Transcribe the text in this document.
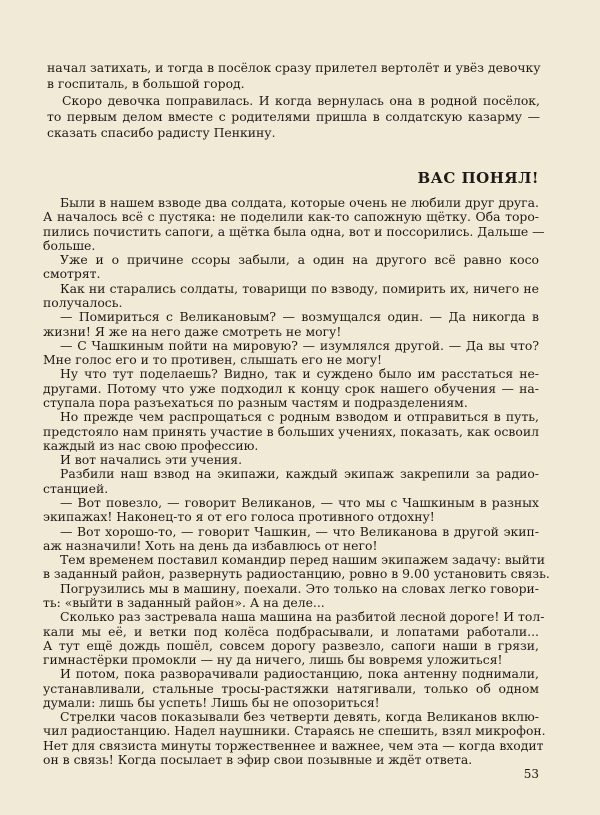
начал затихать, и тогда в посёлок сразу прилетел вертолёт и увёз девочку
в госпиталь, в большой город.
Скоро девочка поправилась. И когда вернулась она в родной посёлок,
то первым делом вместе с родителями пришла в солдатскую казарму —
сказать спасибо радисту Пенкину.
ВАС ПОНЯЛ!
Были в нашем взводе два солдата, которые очень не любили друг друга.
А началось всё с пустяка: не поделили как-то сапожную щётку. Оба торо-
пились почистить сапоги, а щётка была одна, вот и поссорились. Дальше —
больше.
Уже и о причине ссоры забыли, а один на другого всё равно косо
смотрят.
Как ни старались солдаты, товарищи по взводу, помирить их, ничего не
получалось.
— Помириться с Великановым? — возмущался один. — Да никогда в
жизни! Я же на него даже смотреть не могу!
— С Чашкиным пойти на мировую? — изумлялся другой. — Да вы что?
Мне голос его и то противен, слышать его не могу!
Ну что тут поделаешь? Видно, так и суждено было им расстаться не-
другами. Потому что уже подходил к концу срок нашего обучения — на-
ступала пора разъехаться по разным частям и подразделениям.
Но прежде чем распрощаться с родным взводом и отправиться в путь,
предстояло нам принять участие в больших учениях, показать, как освоил
каждый из нас свою профессию.
И вот начались эти учения.
Разбили наш взвод на экипажи, каждый экипаж закрепили за радио-
станцией.
— Вот повезло, — говорит Великанов, — что мы с Чашкиным в разных
экипажах! Наконец-то я от его голоса противного отдохну!
— Вот хорошо-то, — говорит Чашкин, — что Великанова в другой экип-
аж назначили! Хоть на день да избавлюсь от него!
Тем временем поставил командир перед нашим экипажем задачу: выйти
в заданный район, развернуть радиостанцию, ровно в 9.00 установить связь.
Погрузились мы в машину, поехали. Это только на словах легко говори-
ть: «выйти в заданный район». А на деле...
Сколько раз застревала наша машина на разбитой лесной дороге! И тол-
кали мы её, и ветки под колёса подбрасывали, и лопатами работали...
А тут ещё дождь пошёл, совсем дорогу развезло, сапоги наши в грязи,
гимнастёрки промокли — ну да ничего, лишь бы вовремя уложиться!
И потом, пока разворачивали радиостанцию, пока антенну поднимали,
устанавливали, стальные тросы-растяжки натягивали, только об одном
думали: лишь бы успеть! Лишь бы не опозориться!
Стрелки часов показывали без четверти девять, когда Великанов вклю-
чил радиостанцию. Надел наушники. Стараясь не спешить, взял микрофон.
Нет для связиста минуты торжественнее и важнее, чем эта — когда входит
он в связь! Когда посылает в эфир свои позывные и ждёт ответа.
53
